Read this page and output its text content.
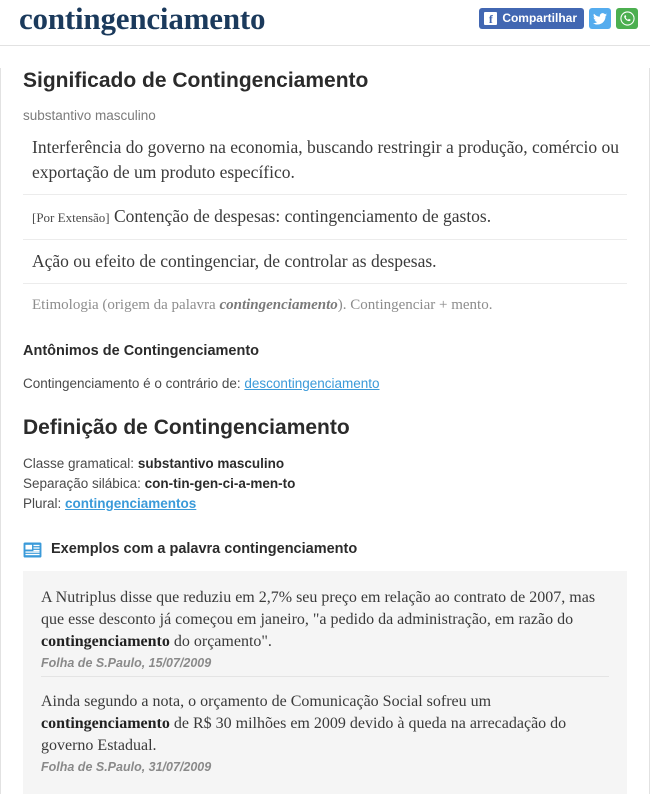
contingenciamento	f Compartilhar
Significado de Contingenciamento
substantivo masculino
Interferência do governo na economia, buscando restringir a produção, comércio ou exportação de um produto específico.
[Por Extensão] Contenção de despesas: contingenciamento de gastos.
Ação ou efeito de contingenciar, de controlar as despesas.
Etimologia (origem da palavra contingenciamento). Contingenciar + mento.
Antônimos de Contingenciamento
Contingenciamento é o contrário de: descontingenciamento
Definição de Contingenciamento
Classe gramatical: substantivo masculino
Separação silábica: con-tin-gen-ci-a-men-to
Plural: contingenciamentos
Exemplos com a palavra contingenciamento
A Nutriplus disse que reduziu em 2,7% seu preço em relação ao contrato de 2007, mas que esse desconto já começou em janeiro, "a pedido da administração, em razão do contingenciamento do orçamento".
Folha de S.Paulo, 15/07/2009
Ainda segundo a nota, o orçamento de Comunicação Social sofreu um contingenciamento de R$ 30 milhões em 2009 devido à queda na arrecadação do governo Estadual.
Folha de S.Paulo, 31/07/2009
